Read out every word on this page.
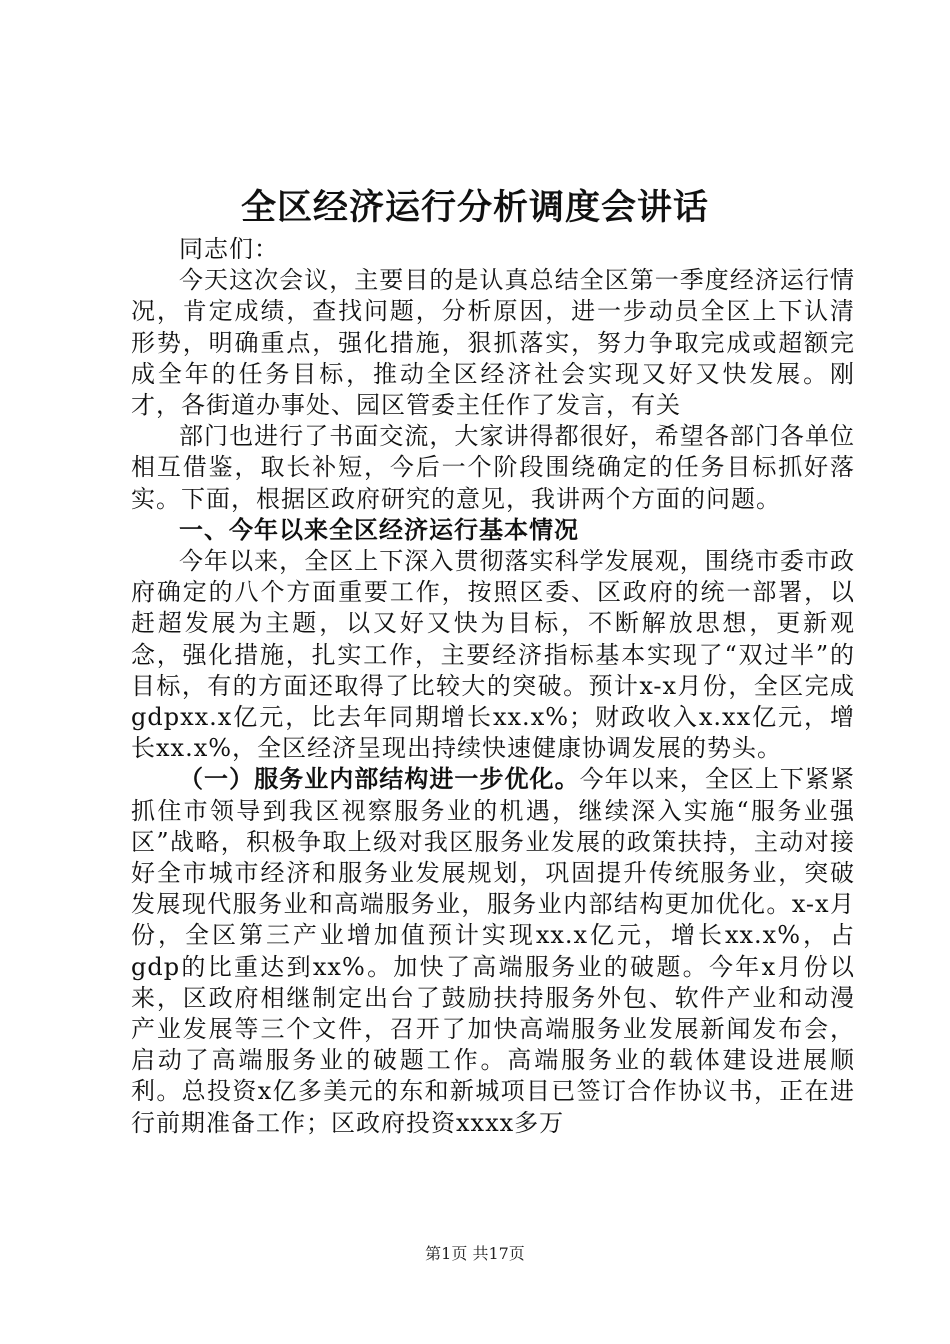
全区经济运行分析调度会讲话

同志们：

今天这次会议，主要目的是认真总结全区第一季度经济运行情况，肯定成绩，查找问题，分析原因，进一步动员全区上下认清形势，明确重点，强化措施，狠抓落实，努力争取完成或超额完成全年的任务目标，推动全区经济社会实现又好又快发展。刚才，各街道办事处、园区管委主任作了发言，有关

部门也进行了书面交流，大家讲得都很好，希望各部门各单位相互借鉴，取长补短，今后一个阶段围绕确定的任务目标抓好落实。下面，根据区政府研究的意见，我讲两个方面的问题。

一、今年以来全区经济运行基本情况

今年以来，全区上下深入贯彻落实科学发展观，围绕市委市政府确定的八个方面重要工作，按照区委、区政府的统一部署，以赶超发展为主题，以又好又快为目标，不断解放思想，更新观念，强化措施，扎实工作，主要经济指标基本实现了“双过半”的目标，有的方面还取得了比较大的突破。预计x-x月份，全区完成gdpxx.x亿元，比去年同期增长xx.x%；财政收入x.xx亿元，增长xx.x%，全区经济呈现出持续快速健康协调发展的势头。

（一）服务业内部结构进一步优化。今年以来，全区上下紧紧抓住市领导到我区视察服务业的机遇，继续深入实施“服务业强区”战略，积极争取上级对我区服务业发展的政策扶持，主动对接好全市城市经济和服务业发展规划，巩固提升传统服务业，突破发展现代服务业和高端服务业，服务业内部结构更加优化。x-x月份，全区第三产业增加值预计实现xx.x亿元，增长xx.x%，占gdp的比重达到xx%。加快了高端服务业的破题。今年x月份以来，区政府相继制定出台了鼓励扶持服务外包、软件产业和动漫产业发展等三个文件，召开了加快高端服务业发展新闻发布会，启动了高端服务业的破题工作。高端服务业的载体建设进展顺利。总投资x亿多美元的东和新城项目已签订合作协议书，正在进行前期准备工作；区政府投资xxxx多万

第1页 共17页
